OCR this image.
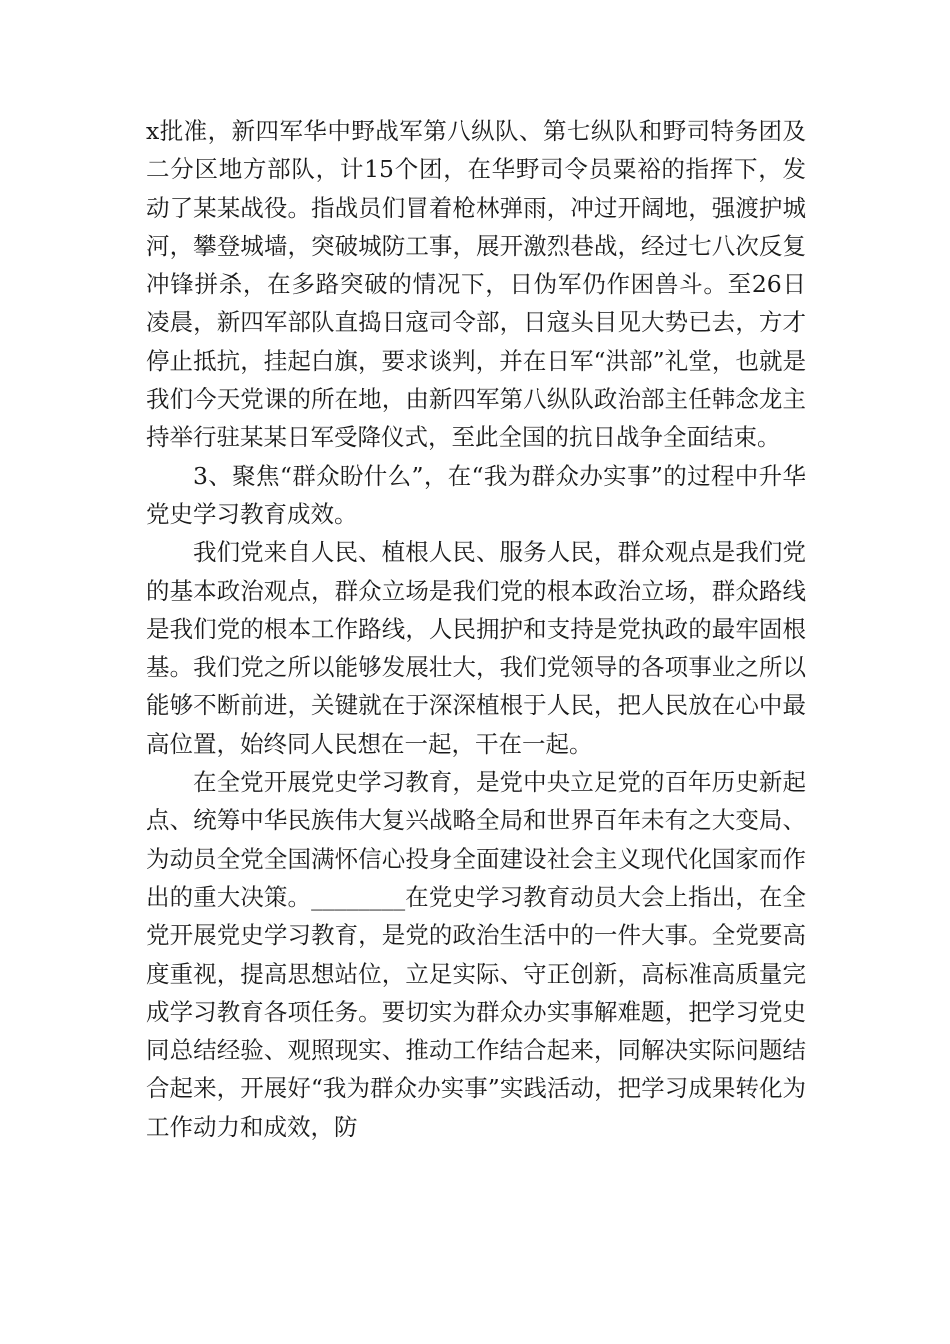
x批准，新四军华中野战军第八纵队、第七纵队和野司特务团及二分区地方部队，计15个团，在华野司令员粟裕的指挥下，发动了某某战役。指战员们冒着枪林弹雨，冲过开阔地，强渡护城河，攀登城墙，突破城防工事，展开激烈巷战，经过七八次反复冲锋拼杀，在多路突破的情况下，日伪军仍作困兽斗。至26日凌晨，新四军部队直捣日寇司令部，日寇头目见大势已去，方才停止抵抗，挂起白旗，要求谈判，并在日军“洪部”礼堂，也就是我们今天党课的所在地，由新四军第八纵队政治部主任韩念龙主持举行驻某某日军受降仪式，至此全国的抗日战争全面结束。

3、聚焦“群众盼什么”，在“我为群众办实事”的过程中升华党史学习教育成效。

我们党来自人民、植根人民、服务人民，群众观点是我们党的基本政治观点，群众立场是我们党的根本政治立场，群众路线是我们党的根本工作路线，人民拥护和支持是党执政的最牢固根基。我们党之所以能够发展壮大，我们党领导的各项事业之所以能够不断前进，关键就在于深深植根于人民，把人民放在心中最高位置，始终同人民想在一起，干在一起。

在全党开展党史学习教育，是党中央立足党的百年历史新起点、统筹中华民族伟大复兴战略全局和世界百年未有之大变局、为动员全党全国满怀信心投身全面建设社会主义现代化国家而作出的重大决策。________在党史学习教育动员大会上指出，在全党开展党史学习教育，是党的政治生活中的一件大事。全党要高度重视，提高思想站位，立足实际、守正创新，高标准高质量完成学习教育各项任务。要切实为群众办实事解难题，把学习党史同总结经验、观照现实、推动工作结合起来，同解决实际问题结合起来，开展好“我为群众办实事”实践活动，把学习成果转化为工作动力和成效，防
